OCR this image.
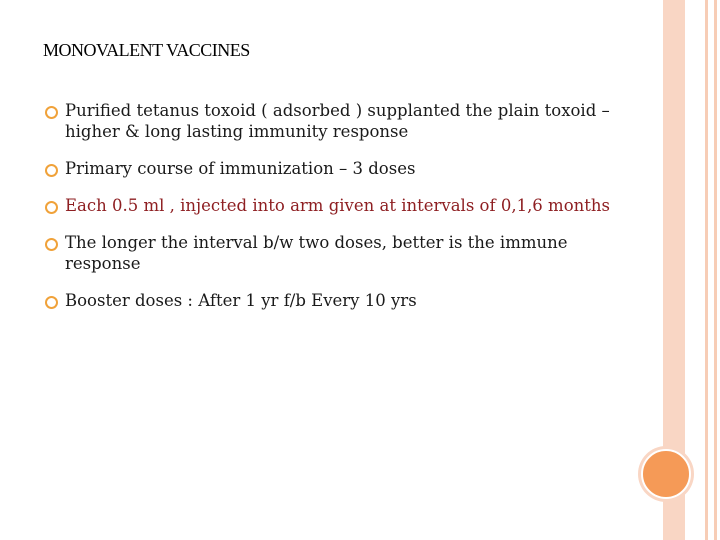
MONOVALENT VACCINES
Purified tetanus toxoid ( adsorbed ) supplanted the plain toxoid – higher & long lasting immunity response
Primary course of immunization – 3 doses
Each 0.5 ml , injected into arm given at intervals of 0,1,6 months
The longer the interval b/w two doses, better is the immune response
Booster doses : After 1 yr f/b Every 10 yrs
